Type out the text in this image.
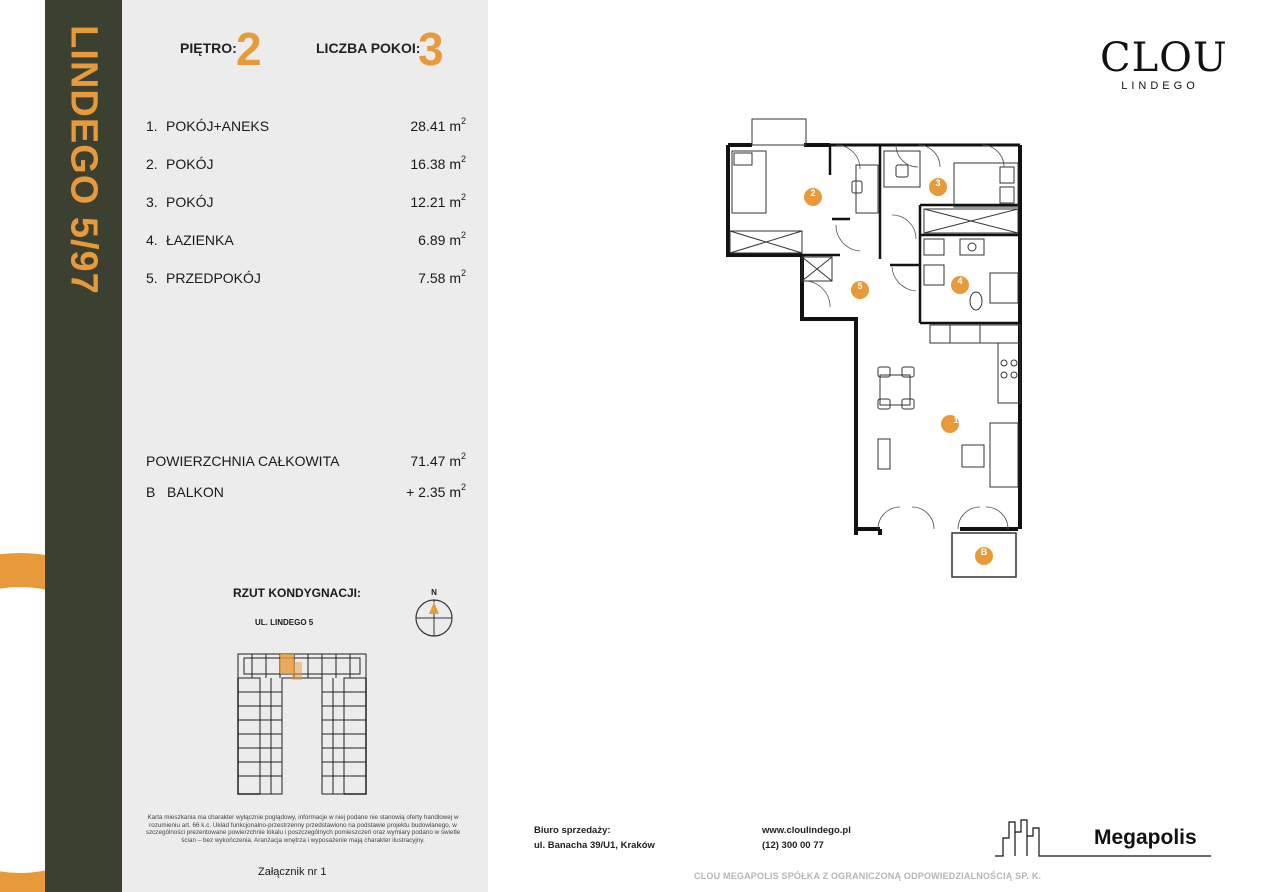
LINDEGO 5/97	PIĘTRO: 2	LICZBA POKOI:
3
1. POKÓJ+ANEKS	28.41 $m^2$
2. POKÓJ	16.38 $m^2$
3. POKÓJ	12.21 $m^2$
4. ŁAZIENKA	6.89 $m^2$
5. PRZEDPOKÓJ	7.58 $m^2$
POWIERZCHNIA CAŁKOWITA	71.47 $m^2$
B BALKON	+ 2.35 $m^2$
RZUT KONDYGNACJI:
UL. LINDEGO 5
N
Karta mieszkania ma charakter wyłącznie poglądowy, informacje w niej podane nie stanowią oferty handlowej w rozumieniu art. 66 k.c. Układ funkcjonalno-przestrzenny przedstawiono na podstawie projektu budowlanego, w szczególności prezentowane powierzchnie lokalu i poszczególnych pomieszczeń oraz wymiary podano w świetle ścian – bez wykończenia. Aranżacja wnętrza i wyposażenie mają charakter ilustracyjny.
Załącznik nr 1
CLOU
LINDEGO
1
2
3
4
5
B
Biuro sprzedaży:
ul. Banacha 39/U1, Kraków
www.cloulindego.pl
(12) 300 00 77	Megapolis
CLOU MEGAPOLIS SPÓŁKA Z OGRANICZONĄ ODPOWIEDZIALNOŚCIĄ SP. K.
